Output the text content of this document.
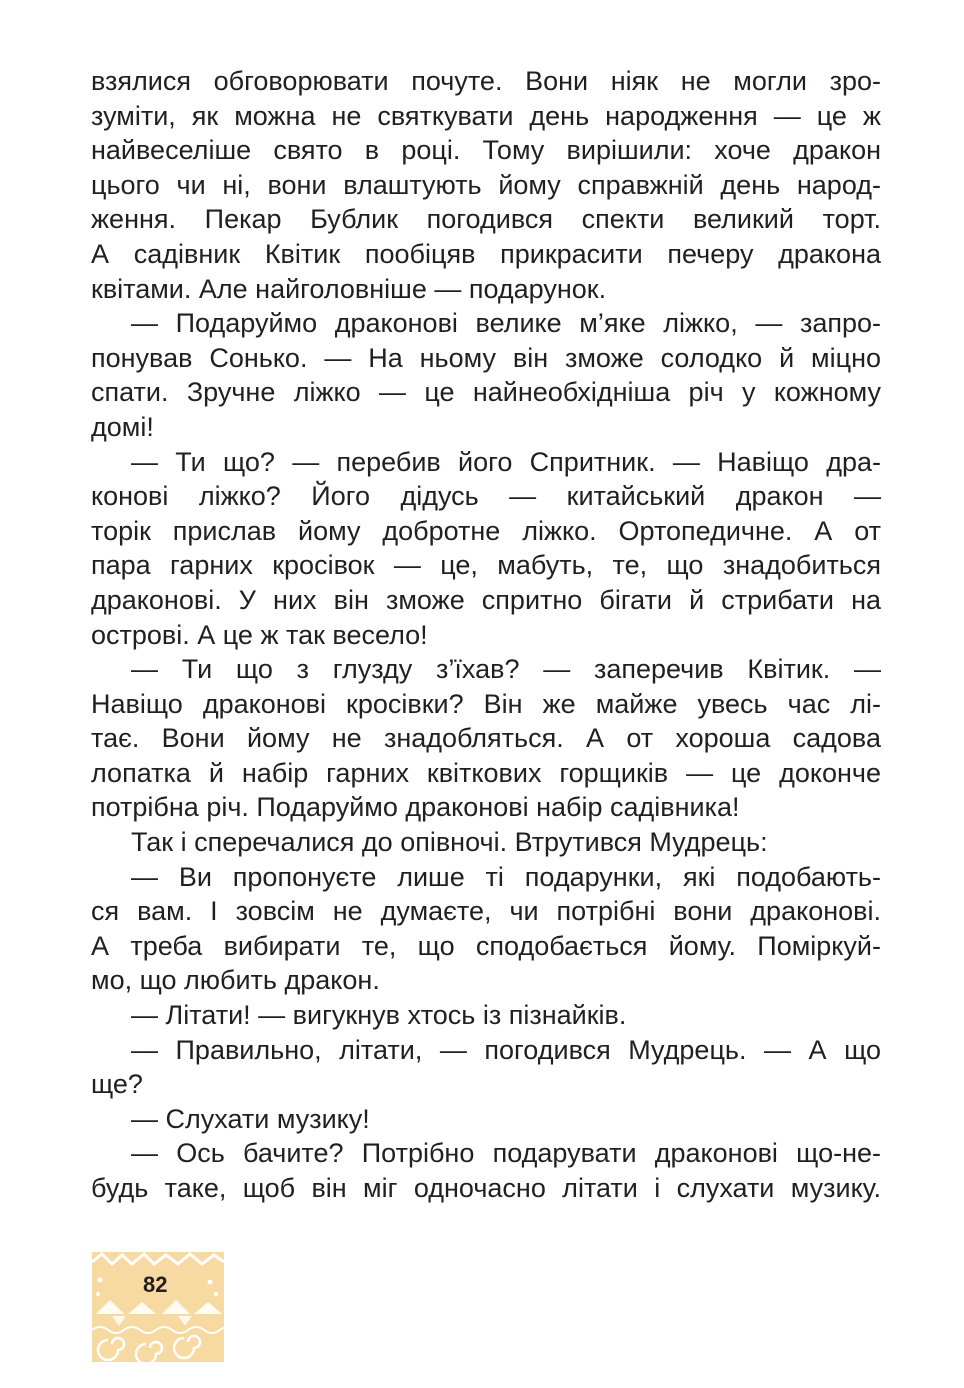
взялися обговорювати почуте. Вони ніяк не могли зро-
зуміти, як можна не святкувати день народження — це ж
найвеселіше свято в році. Тому вирішили: хоче дракон
цього чи ні, вони влаштують йому справжній день народ-
ження. Пекар Бублик погодився спекти великий торт.
А садівник Квітик пообіцяв прикрасити печеру дракона
квітами. Але найголовніше — подарунок.
— Подаруймо драконові велике м’яке ліжко, — запро-
понував Сонько. — На ньому він зможе солодко й міцно
спати. Зручне ліжко — це найнеобхідніша річ у кожному
домі!
— Ти що? — перебив його Спритник. — Навіщо дра-
конові ліжко? Його дідусь — китайський дракон —
торік прислав йому добротне ліжко. Ортопедичне. А от
пара гарних кросівок — це, мабуть, те, що знадобиться
драконові. У них він зможе спритно бігати й стрибати на
острові. А це ж так весело!
— Ти що з глузду з’їхав? — заперечив Квітик. —
Навіщо драконові кросівки? Він же майже увесь час лі-
тає. Вони йому не знадобляться. А от хороша садова
лопатка й набір гарних квіткових горщиків — це доконче
потрібна річ. Подаруймо драконові набір садівника!
Так і сперечалися до опівночі. Втрутився Мудрець:
— Ви пропонуєте лише ті подарунки, які подобають-
ся вам. І зовсім не думаєте, чи потрібні вони драконові.
А треба вибирати те, що сподобається йому. Поміркуй-
мо, що любить дракон.
— Літати! — вигукнув хтось із пізнайків.
— Правильно, літати, — погодився Мудрець. — А що
ще?
— Слухати музику!
— Ось бачите? Потрібно подарувати драконові що-не-
будь таке, щоб він міг одночасно літати і слухати музику.
82
